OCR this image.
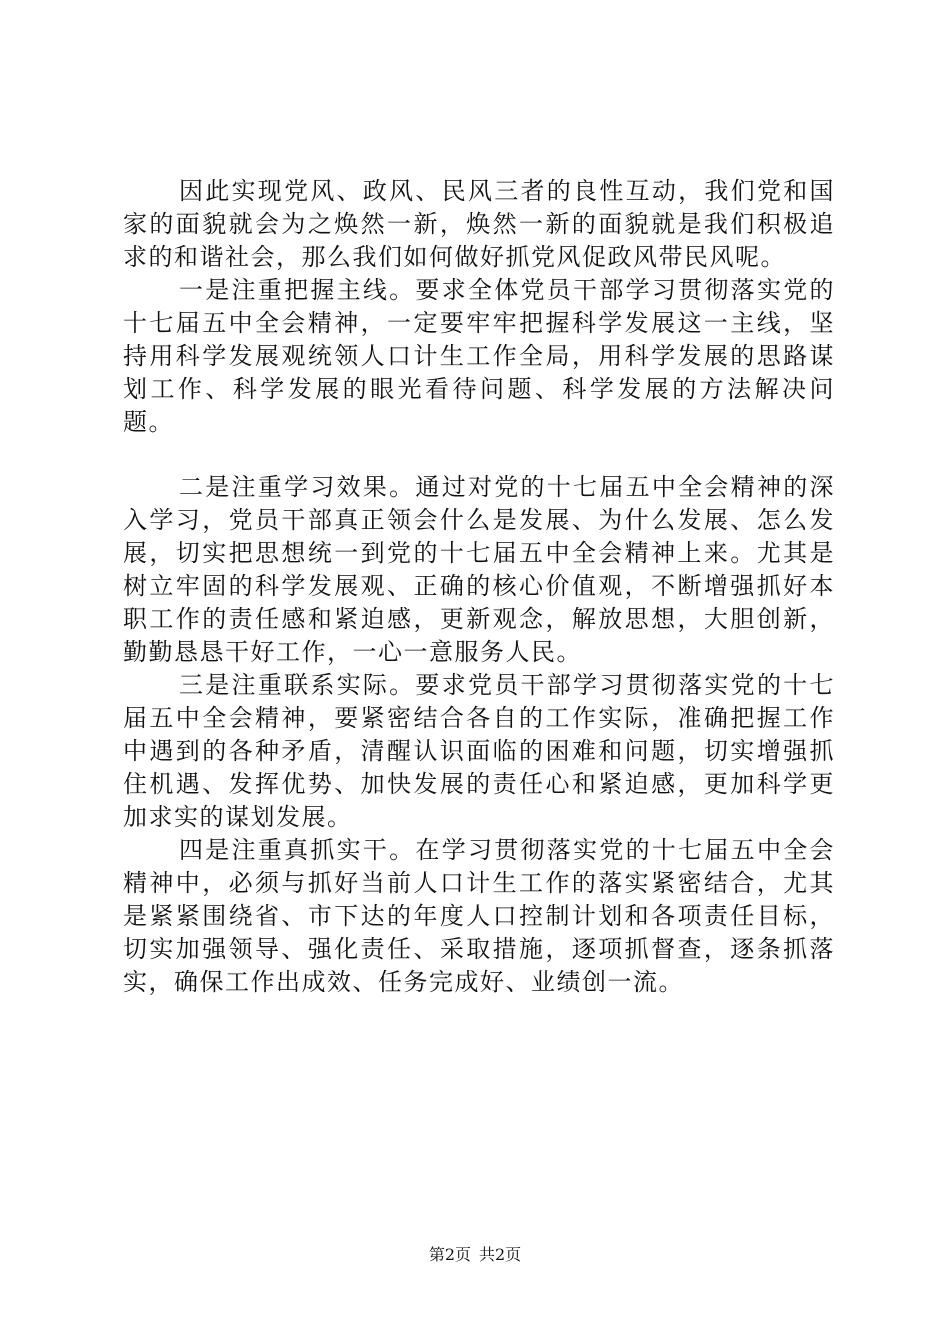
因此实现党风、政风、民风三者的良性互动，我们党和国家的面貌就会为之焕然一新，焕然一新的面貌就是我们积极追求的和谐社会，那么我们如何做好抓党风促政风带民风呢。

一是注重把握主线。要求全体党员干部学习贯彻落实党的十七届五中全会精神，一定要牢牢把握科学发展这一主线，坚持用科学发展观统领人口计生工作全局，用科学发展的思路谋划工作、科学发展的眼光看待问题、科学发展的方法解决问题。

二是注重学习效果。通过对党的十七届五中全会精神的深入学习，党员干部真正领会什么是发展、为什么发展、怎么发展，切实把思想统一到党的十七届五中全会精神上来。尤其是树立牢固的科学发展观、正确的核心价值观，不断增强抓好本职工作的责任感和紧迫感，更新观念，解放思想，大胆创新，勤勤恳恳干好工作，一心一意服务人民。

三是注重联系实际。要求党员干部学习贯彻落实党的十七届五中全会精神，要紧密结合各自的工作实际，准确把握工作中遇到的各种矛盾，清醒认识面临的困难和问题，切实增强抓住机遇、发挥优势、加快发展的责任心和紧迫感，更加科学更加求实的谋划发展。

四是注重真抓实干。在学习贯彻落实党的十七届五中全会精神中，必须与抓好当前人口计生工作的落实紧密结合，尤其是紧紧围绕省、市下达的年度人口控制计划和各项责任目标，切实加强领导、强化责任、采取措施，逐项抓督查，逐条抓落实，确保工作出成效、任务完成好、业绩创一流。

第2页 共2页
